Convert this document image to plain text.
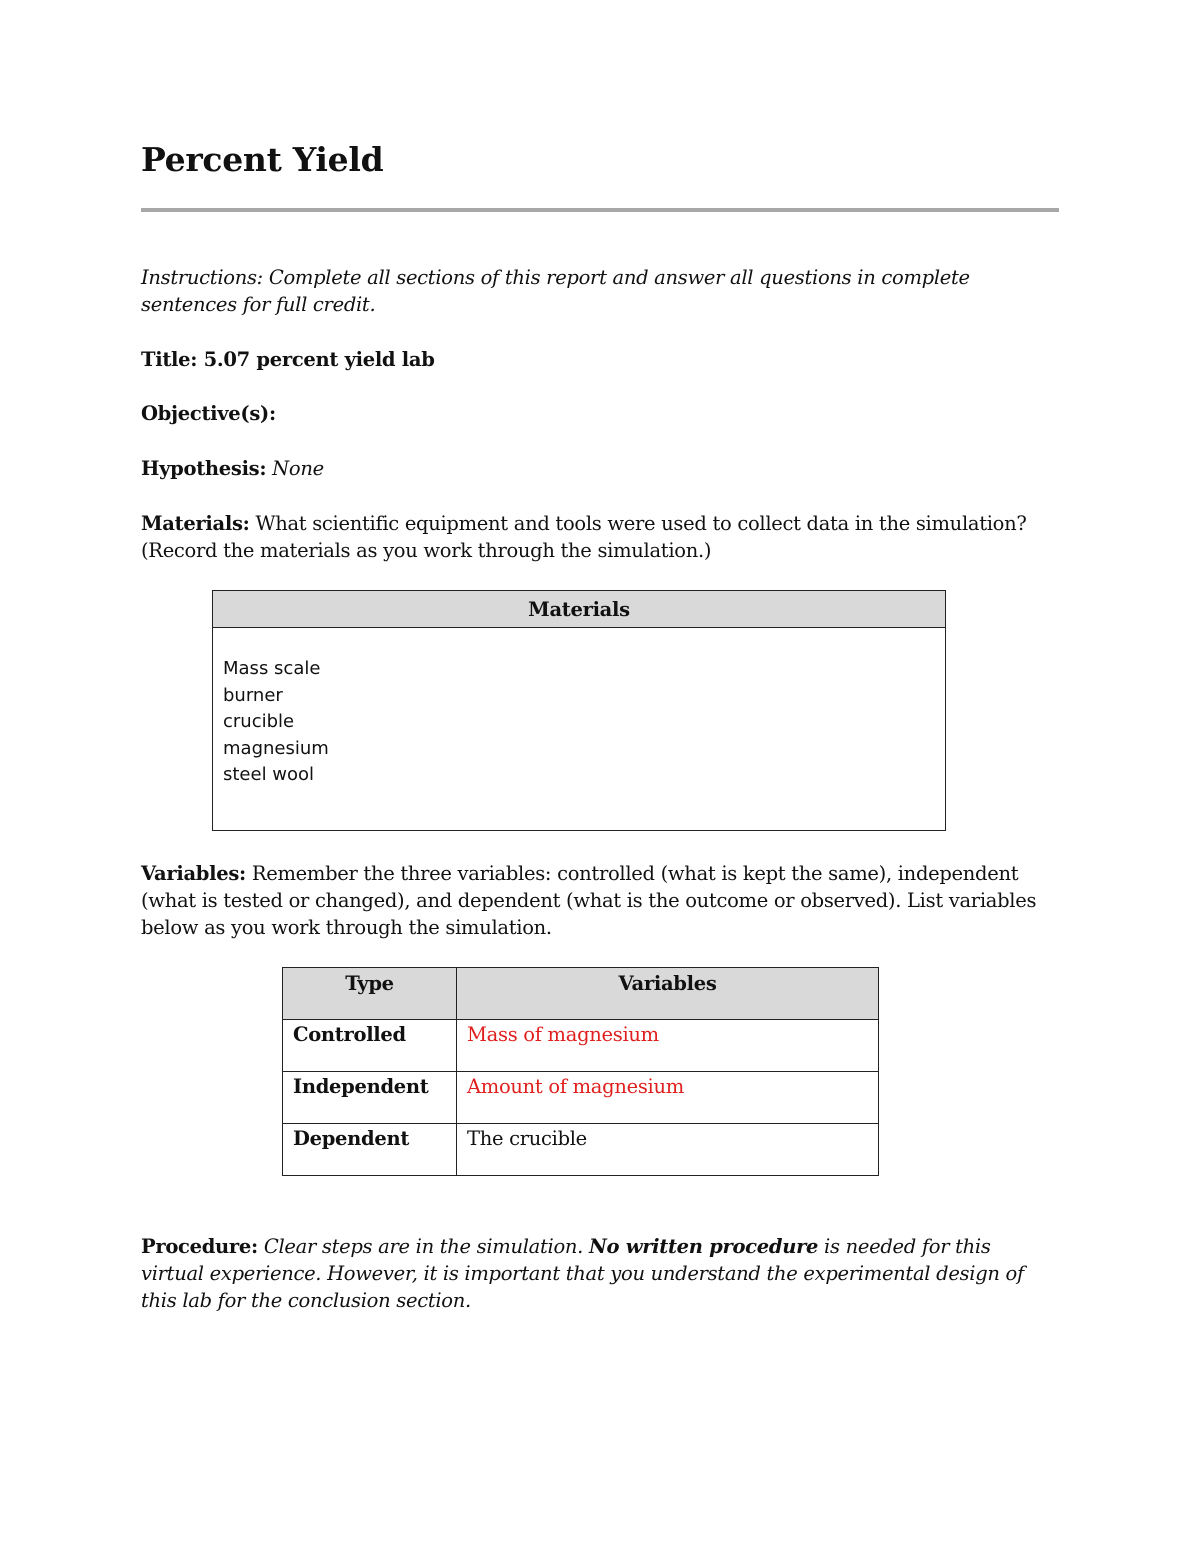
Percent Yield

Instructions: Complete all sections of this report and answer all questions in complete sentences for full credit.

Title: 5.07 percent yield lab

Objective(s):

Hypothesis: None

Materials: What scientific equipment and tools were used to collect data in the simulation? (Record the materials as you work through the simulation.)

Materials
Mass scale
burner
crucible
magnesium
steel wool

Variables: Remember the three variables: controlled (what is kept the same), independent (what is tested or changed), and dependent (what is the outcome or observed). List variables below as you work through the simulation.

Type	Variables
Controlled	Mass of magnesium
Independent	Amount of magnesium
Dependent	The crucible

Procedure: Clear steps are in the simulation. No written procedure is needed for this virtual experience. However, it is important that you understand the experimental design of this lab for the conclusion section.
